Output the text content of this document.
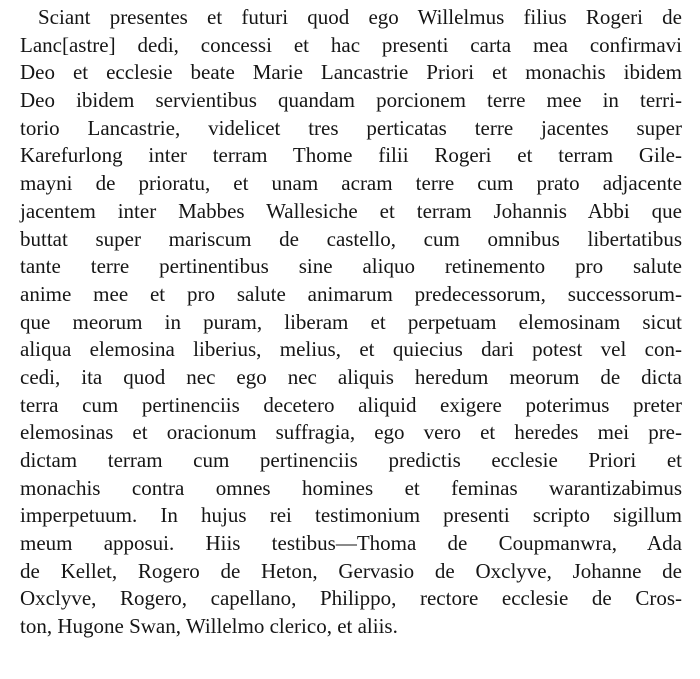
Sciant presentes et futuri quod ego Willelmus filius Rogeri de
Lanc[astre] dedi, concessi et hac presenti carta mea confirmavi
Deo et ecclesie beate Marie Lancastrie Priori et monachis ibidem
Deo ibidem servientibus quandam porcionem terre mee in terri-
torio Lancastrie, videlicet tres perticatas terre jacentes super
Karefurlong inter terram Thome filii Rogeri et terram Gile-
mayni de prioratu, et unam acram terre cum prato adjacente
jacentem inter Mabbes Wallesiche et terram Johannis Abbi que
buttat super mariscum de castello, cum omnibus libertatibus
tante terre pertinentibus sine aliquo retinemento pro salute
anime mee et pro salute animarum predecessorum, successorum-
que meorum in puram, liberam et perpetuam elemosinam sicut
aliqua elemosina liberius, melius, et quiecius dari potest vel con-
cedi, ita quod nec ego nec aliquis heredum meorum de dicta
terra cum pertinenciis decetero aliquid exigere poterimus preter
elemosinas et oracionum suffragia, ego vero et heredes mei pre-
dictam terram cum pertinenciis predictis ecclesie Priori et
monachis contra omnes homines et feminas warantizabimus
imperpetuum. In hujus rei testimonium presenti scripto sigillum
meum apposui. Hiis testibus—Thoma de Coupmanwra, Ada
de Kellet, Rogero de Heton, Gervasio de Oxclyve, Johanne de
Oxclyve, Rogero, capellano, Philippo, rectore ecclesie de Cros-
ton, Hugone Swan, Willelmo clerico, et aliis.
